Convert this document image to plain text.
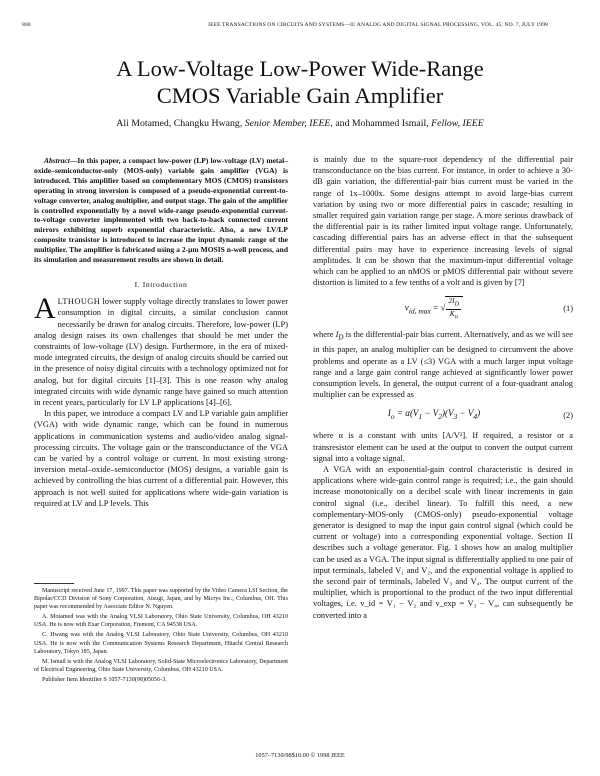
800	IEEE TRANSACTIONS ON CIRCUITS AND SYSTEMS—II: ANALOG AND DIGITAL SIGNAL PROCESSING, VOL. 45, NO. 7, JULY 1998
A Low-Voltage Low-Power Wide-Range
CMOS Variable Gain Amplifier
Ali Motamed, Changku Hwang, Senior Member, IEEE, and Mohammed Ismail, Fellow, IEEE

Abstract—In this paper, a compact low-power (LP) low-voltage (LV) metal–oxide–semiconductor-only (MOS-only) variable gain amplifier (VGA) is introduced. This amplifier based on complementary MOS (CMOS) transistors operating in strong inversion is composed of a pseudo-exponential current-to-voltage converter, analog multiplier, and output stage. The gain of the amplifier is controlled exponentially by a novel wide-range pseudo-exponential current-to-voltage converter implemented with two back-to-back connected current mirrors exhibiting superb exponential characteristic. Also, a new LV/LP composite transistor is introduced to increase the input dynamic range of the multiplier. The amplifier is fabricated using a 2-μm MOSIS n-well process, and its simulation and measurement results are shown in detail.

I. Introduction

ALTHOUGH lower supply voltage directly translates to lower power consumption in digital circuits, a similar conclusion cannot necessarily be drawn for analog circuits. Therefore, low-power (LP) analog design raises its own challenges that should be met under the constraints of low-voltage (LV) design. Furthermore, in the era of mixed-mode integrated circuits, the design of analog circuits should be carried out in the presence of noisy digital circuits with a technology optimized not for analog, but for digital circuits [1]–[3]. This is one reason why analog integrated circuits with wide dynamic range have gained so much attention in recent years, particularly for LV LP applications [4]–[6].

In this paper, we introduce a compact LV and LP variable gain amplifier (VGA) with wide dynamic range, which can be found in numerous applications in communication systems and audio/video analog signal-processing circuits. The voltage gain or the transconductance of the VGA can be varied by a control voltage or current. In most existing strong-inversion metal–oxide–semiconductor (MOS) designs, a variable gain is achieved by controlling the bias current of a differential pair. However, this approach is not well suited for applications where wide-gain variation is required at LV and LP levels. This

Manuscript received June 17, 1997. This paper was supported by the Video Camera LSI Section, the Bipolar/CCD Division of Sony Corporation, Atsugi, Japan, and by Micrys Inc., Columbus, OH. This paper was recommended by Associate Editor N. Nguyen.

A. Motamed was with the Analog VLSI Laboratory, Ohio State University, Columbus, OH 43210 USA. He is now with Exar Corporation, Fremont, CA 94538 USA.

C. Hwang was with the Analog VLSI Laboratory, Ohio State University, Columbus, OH 43210 USA. He is now with the Communication Systems Research Department, Hitachi Central Research Laboratory, Tokyo 185, Japan.

M. Ismail is with the Analog VLSI Laboratory, Solid-State Microelectronics Laboratory, Department of Electrical Engineering, Ohio State University, Columbus, OH 43210 USA.

Publisher Item Identifier S 1057-7130(98)05056-3.

is mainly due to the square-root dependency of the differential pair transconductance on the bias current. For instance, in order to achieve a 30-dB gain variation, the differential-pair bias current must be varied in the range of 1x–1000x. Some designs attempt to avoid large-bias current variation by using two or more differential pairs in cascade; resulting in smaller required gain variation range per stage. A more serious drawback of the differential pair is its rather limited input voltage range. Unfortunately, cascading differential pairs has an adverse effect in that the subsequent differential pairs may have to experience increasing levels of signal amplitudes. It can be shown that the maximum-input differential voltage which can be applied to an nMOS or pMOS differential pair without severe distortion is limited to a few tenths of a volt and is given by [7]

$v_{id, max}$ = √ $\frac{2I_D}{K_n}$	(1)

where $I_D$ is the differential-pair bias current. Alternatively, and as we will see in this paper, an analog multiplier can be designed to circumvent the above problems and operate as a LV (≤3) VGA with a much larger input voltage range and a large gain control range achieved at significantly lower power consumption levels. In general, the output current of a four-quadrant analog multiplier can be expressed as

$I_o = \alpha(V_1 - V_2)(V_3 - V_4)$	(2)

where α is a constant with units [A/V²]. If required, a resistor or a transresistor element can be used at the output to convert the output current signal into a voltage signal.

A VGA with an exponential-gain control characteristic is desired in applications where wide-gain control range is required; i.e., the gain should increase monotonically on a decibel scale with linear increments in gain control signal (i.e., decibel linear). To fulfill this need, a new complementary-MOS-only (CMOS-only) pseudo-exponential voltage generator is designed to map the input gain control signal (which could be current or voltage) into a corresponding exponential voltage. Section II describes such a voltage generator. Fig. 1 shows how an analog multiplier can be used as a VGA. The input signal is differentially applied to one pair of input terminals, labeled V₁ and V₂, and the exponential voltage is applied to the second pair of terminals, labeled V₃ and V₄. The output current of the multiplier, which is proportional to the product of the two input differential voltages, i.e. v_id = V₁ − V₂ and v_exp = V₃ − V₄, can subsequently be converted into a

1057–7130/98$10.00 © 1998 IEEE
